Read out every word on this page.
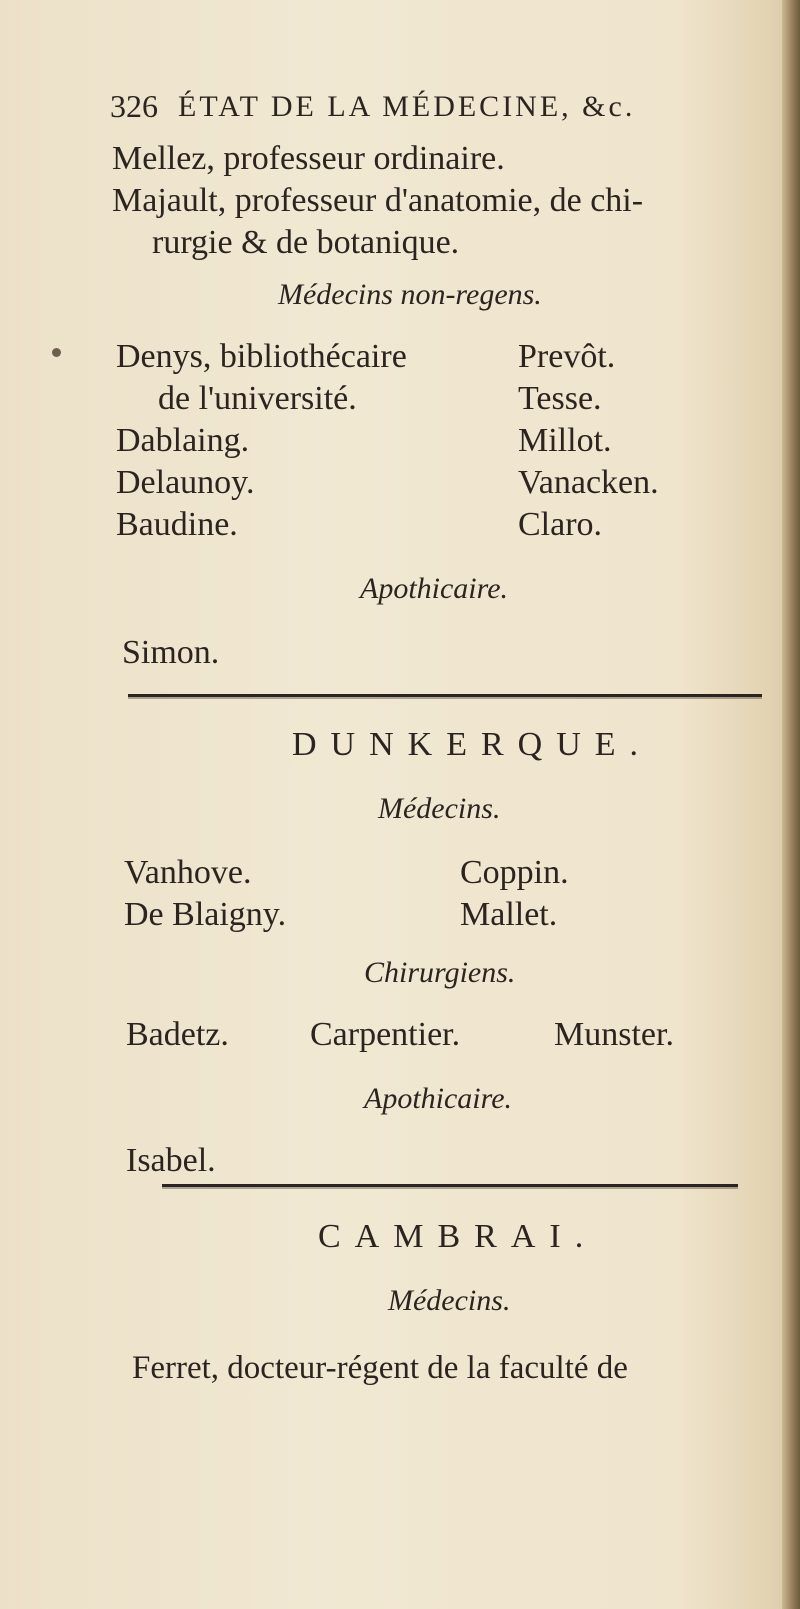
326 ÉTAT DE LA MÉDECINE, &c.
Mellez, professeur ordinaire.
Majault, professeur d'anatomie, de chi-
rurgie & de botanique.
Médecins non-regens.
Denys, bibliothécaire
de l'université.
Dablaing.
Delaunoy.
Baudine.
Prevôt.
Tesse.
Millot.
Vanacken.
Claro.
Apothicaire.
Simon.
DUNKERQUE.
Médecins.
Vanhove.
De Blaigny.
Coppin.
Mallet.
Chirurgiens.
Badetz. Carpentier.	Munster.
Apothicaire.
Isabel.
CAMBRAI.
Médecins.
Ferret, docteur-régent de la faculté de
